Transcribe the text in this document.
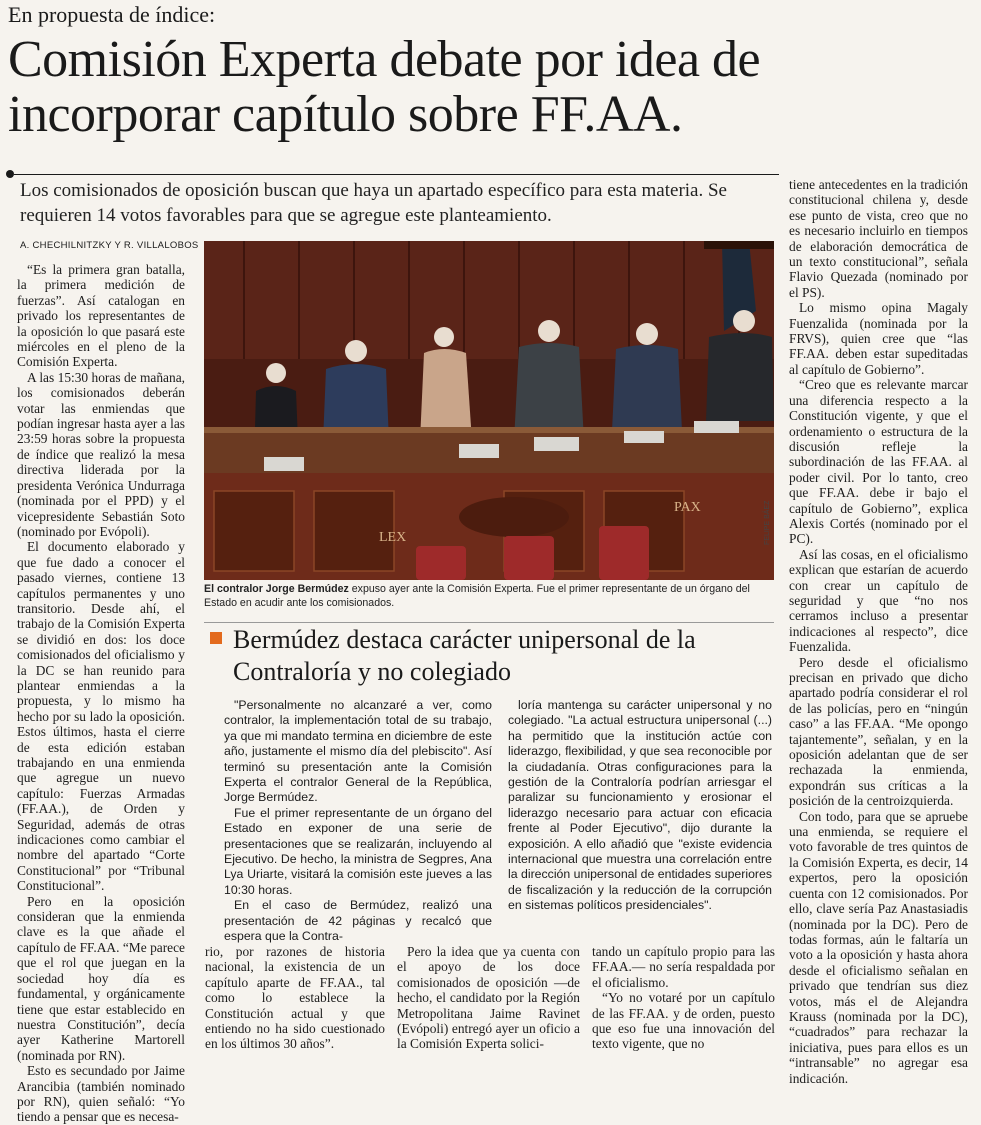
En propuesta de índice:
Comisión Experta debate por idea de incorporar capítulo sobre FF.AA.
Los comisionados de oposición buscan que haya un apartado específico para esta materia. Se requieren 14 votos favorables para que se agregue este planteamiento.
A. CHECHILNITZKY Y R. VILLALOBOS

“Es la primera gran batalla, la primera medición de fuerzas”. Así catalogan en privado los representantes de la oposición lo que pasará este miércoles en el pleno de la Comisión Experta.

A las 15:30 horas de mañana, los comisionados deberán votar las enmiendas que podían ingresar hasta ayer a las 23:59 horas sobre la propuesta de índice que realizó la mesa directiva liderada por la presidenta Verónica Undurraga (nominada por el PPD) y el vicepresidente Sebastián Soto (nominado por Evópoli).

El documento elaborado y que fue dado a conocer el pasado viernes, contiene 13 capítulos permanentes y uno transitorio. Desde ahí, el trabajo de la Comisión Experta se dividió en dos: los doce comisionados del oficialismo y la DC se han reunido para plantear enmiendas a la propuesta, y lo mismo ha hecho por su lado la oposición. Estos últimos, hasta el cierre de esta edición estaban trabajando en una enmienda que agregue un nuevo capítulo: Fuerzas Armadas (FF.AA.), de Orden y Seguridad, además de otras indicaciones como cambiar el nombre del apartado “Corte Constitucional” por “Tribunal Constitucional”.

Pero en la oposición consideran que la enmienda clave es la que añade el capítulo de FF.AA. “Me parece que el rol que juegan en la sociedad hoy día es fundamental, y orgánicamente tiene que estar establecido en nuestra Constitución”, decía ayer Katherine Martorell (nominada por RN).

Esto es secundado por Jaime Arancibia (también nominado por RN), quien señaló: “Yo tiendo a pensar que es necesa-

LEX
PAX	FELIPE BÁEZ
El contralor Jorge Bermúdez expuso ayer ante la Comisión Experta. Fue el primer representante de un órgano del Estado en acudir ante los comisionados.
Bermúdez destaca carácter unipersonal de la Contraloría y no colegiado

"Personalmente no alcanzaré a ver, como contralor, la implementación total de su trabajo, ya que mi mandato termina en diciembre de este año, justamente el mismo día del plebiscito". Así terminó su presentación ante la Comisión Experta el contralor General de la República, Jorge Bermúdez.

Fue el primer representante de un órgano del Estado en exponer de una serie de presentaciones que se realizarán, incluyendo al Ejecutivo. De hecho, la ministra de Segpres, Ana Lya Uriarte, visitará la comisión este jueves a las 10:30 horas.

En el caso de Bermúdez, realizó una presentación de 42 páginas y recalcó que espera que la Contra-

loría mantenga su carácter unipersonal y no colegiado. "La actual estructura unipersonal (...) ha permitido que la institución actúe con liderazgo, flexibilidad, y que sea reconocible por la ciudadanía. Otras configuraciones para la gestión de la Contraloría podrían arriesgar el paralizar su funcionamiento y erosionar el liderazgo necesario para actuar con eficacia frente al Poder Ejecutivo", dijo durante la exposición. A ello añadió que "existe evidencia internacional que muestra una correlación entre la dirección unipersonal de entidades superiores de fiscalización y la reducción de la corrupción en sistemas políticos presidenciales".

rio, por razones de historia nacional, la existencia de un capítulo aparte de FF.AA., tal como lo establece la Constitución actual y que entiendo no ha sido cuestionado en los últimos 30 años”.

Pero la idea que ya cuenta con el apoyo de los doce comisionados de oposición —de hecho, el candidato por la Región Metropolitana Jaime Ravinet (Evópoli) entregó ayer un oficio a la Comisión Experta solici-

tando un capítulo propio para las FF.AA.— no sería respaldada por el oficialismo.

“Yo no votaré por un capítulo de las FF.AA. y de orden, puesto que eso fue una innovación del texto vigente, que no

tiene antecedentes en la tradición constitucional chilena y, desde ese punto de vista, creo que no es necesario incluirlo en tiempos de elaboración democrática de un texto constitucional”, señala Flavio Quezada (nominado por el PS).

Lo mismo opina Magaly Fuenzalida (nominada por la FRVS), quien cree que “las FF.AA. deben estar supeditadas al capítulo de Gobierno”.

“Creo que es relevante marcar una diferencia respecto a la Constitución vigente, y que el ordenamiento o estructura de la discusión refleje la subordinación de las FF.AA. al poder civil. Por lo tanto, creo que FF.AA. debe ir bajo el capítulo de Gobierno”, explica Alexis Cortés (nominado por el PC).

Así las cosas, en el oficialismo explican que estarían de acuerdo con crear un capítulo de seguridad y que “no nos cerramos incluso a presentar indicaciones al respecto”, dice Fuenzalida.

Pero desde el oficialismo precisan en privado que dicho apartado podría considerar el rol de las policías, pero en “ningún caso” a las FF.AA. “Me opongo tajantemente”, señalan, y en la oposición adelantan que de ser rechazada la enmienda, expondrán sus críticas a la posición de la centroizquierda.

Con todo, para que se apruebe una enmienda, se requiere el voto favorable de tres quintos de la Comisión Experta, es decir, 14 expertos, pero la oposición cuenta con 12 comisionados. Por ello, clave sería Paz Anastasiadis (nominada por la DC). Pero de todas formas, aún le faltaría un voto a la oposición y hasta ahora desde el oficialismo señalan en privado que tendrían sus diez votos, más el de Alejandra Krauss (nominada por la DC), “cuadrados” para rechazar la iniciativa, pues para ellos es un “intransable” no agregar esa indicación.
